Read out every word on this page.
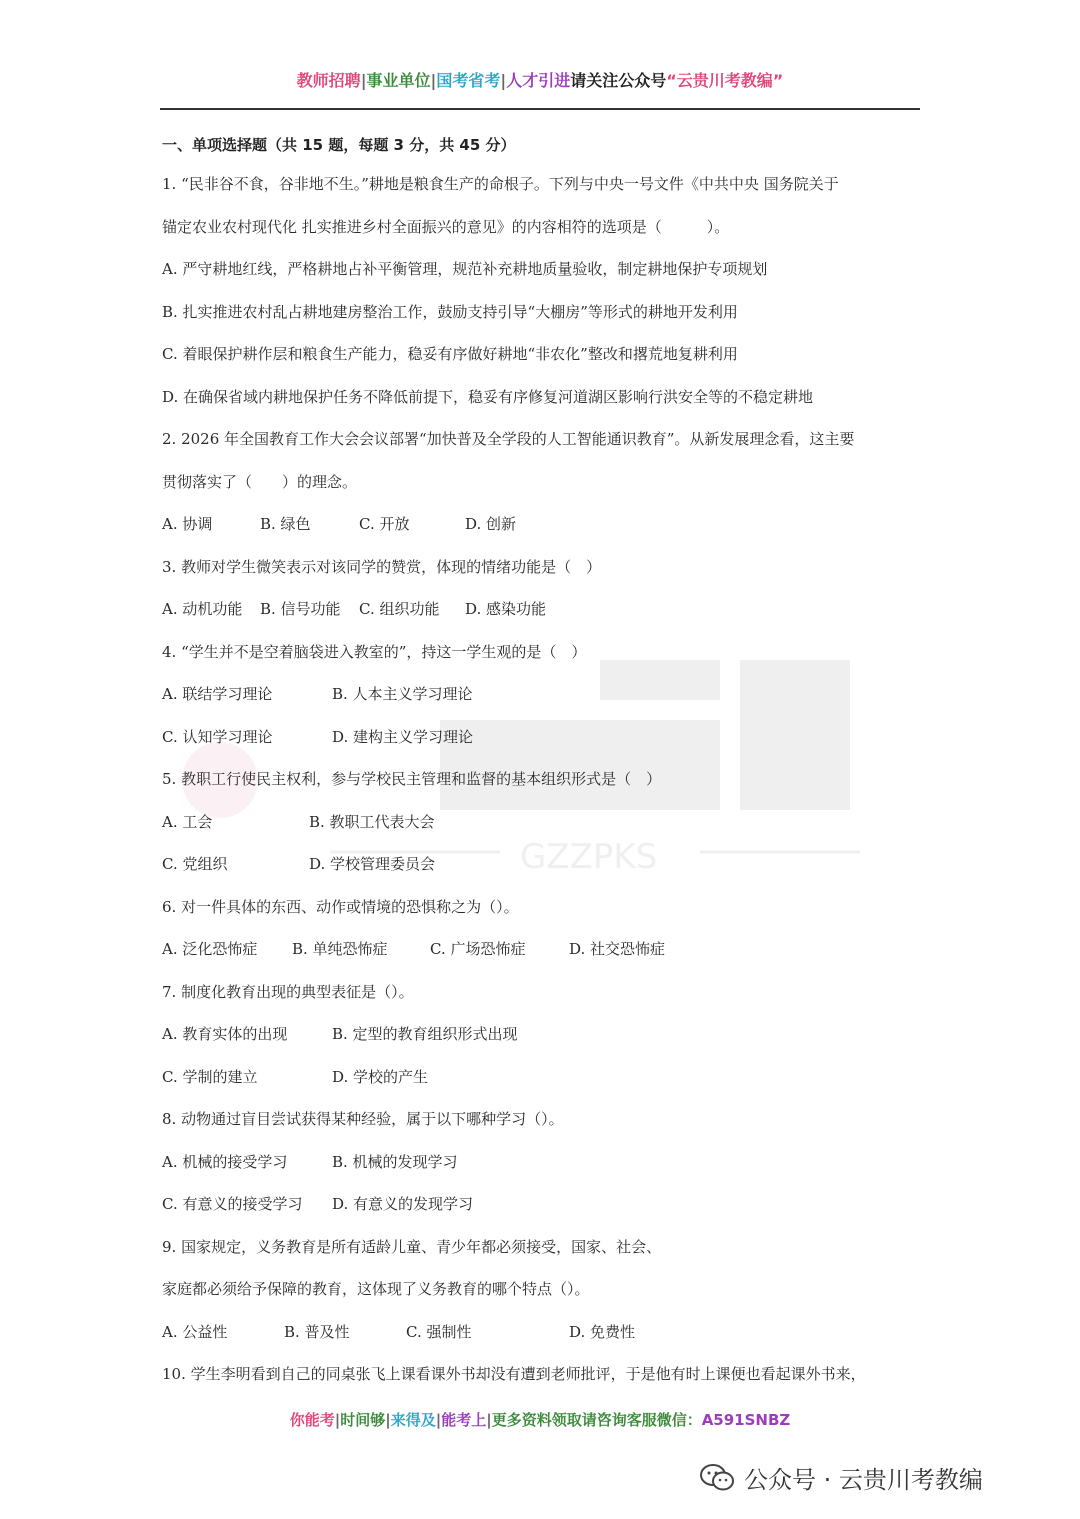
教师招聘|事业单位|国考省考|人才引进请关注公众号“云贵川考教编”
GZZPKS
一、单项选择题（共 15 题，每题 3 分，共 45 分）
1. “民非谷不食，谷非地不生。”耕地是粮食生产的命根子。下列与中央一号文件《中共中央 国务院关于
锚定农业农村现代化 扎实推进乡村全面振兴的意见》的内容相符的选项是（　　　）。
A. 严守耕地红线，严格耕地占补平衡管理，规范补充耕地质量验收，制定耕地保护专项规划
B. 扎实推进农村乱占耕地建房整治工作，鼓励支持引导“大棚房”等形式的耕地开发利用
C. 着眼保护耕作层和粮食生产能力，稳妥有序做好耕地“非农化”整改和撂荒地复耕利用
D. 在确保省域内耕地保护任务不降低前提下，稳妥有序修复河道湖区影响行洪安全等的不稳定耕地
2. 2026 年全国教育工作大会会议部署“加快普及全学段的人工智能通识教育”。从新发展理念看，这主要
贯彻落实了（　　）的理念。
A. 协调	B. 绿色	C. 开放	D. 创新
3. 教师对学生微笑表示对该同学的赞赏，体现的情绪功能是（　）
A. 动机功能 B. 信号功能 C. 组织功能 D. 感染功能
4. “学生并不是空着脑袋进入教室的”，持这一学生观的是（　）
A. 联结学习理论	B. 人本主义学习理论
C. 认知学习理论	D. 建构主义学习理论
5. 教职工行使民主权利，参与学校民主管理和监督的基本组织形式是（　）
A. 工会	B. 教职工代表大会
C. 党组织	D. 学校管理委员会
6. 对一件具体的东西、动作或情境的恐惧称之为（）。
A. 泛化恐怖症 B. 单纯恐怖症	C. 广场恐怖症	D. 社交恐怖症
7. 制度化教育出现的典型表征是（）。
A. 教育实体的出现	B. 定型的教育组织形式出现
C. 学制的建立	D. 学校的产生
8. 动物通过盲目尝试获得某种经验，属于以下哪种学习（）。
A. 机械的接受学习	B. 机械的发现学习
C. 有意义的接受学习 D. 有意义的发现学习
9. 国家规定，义务教育是所有适龄儿童、青少年都必须接受，国家、社会、
家庭都必须给予保障的教育，这体现了义务教育的哪个特点（）。
A. 公益性	B. 普及性	C. 强制性	D. 免费性
10. 学生李明看到自己的同桌张飞上课看课外书却没有遭到老师批评，于是他有时上课便也看起课外书来，
你能考|时间够|来得及|能考上|更多资料领取请咨询客服微信：A591SNBZ
公众号 · 云贵川考教编
